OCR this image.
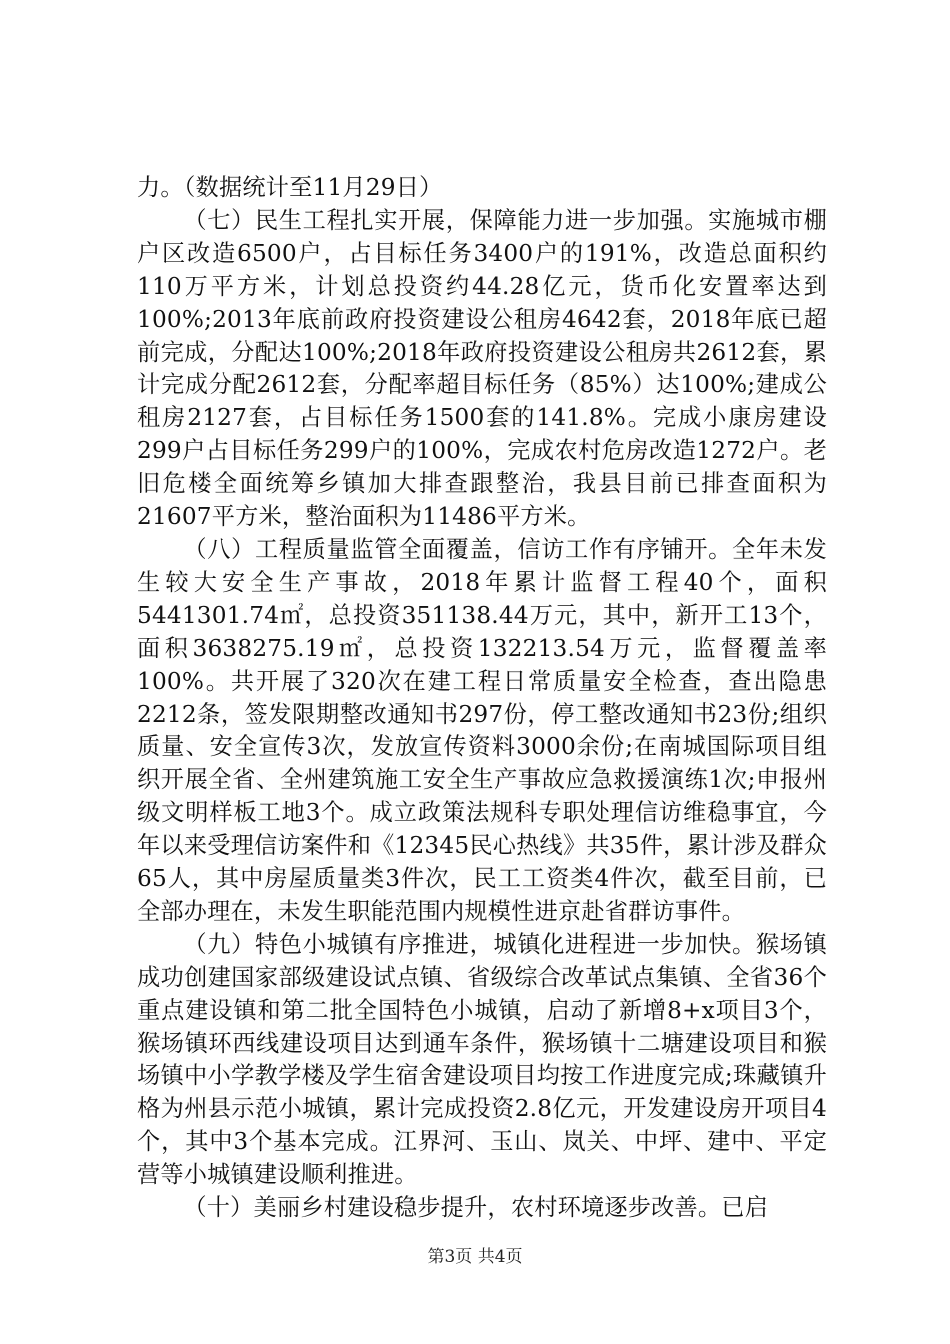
力。（数据统计至11月29日）

（七）民生工程扎实开展，保障能力进一步加强。实施城市棚户区改造6500户，占目标任务3400户的191%，改造总面积约110万平方米，计划总投资约44.28亿元，货币化安置率达到100%;2013年底前政府投资建设公租房4642套，2018年底已超前完成，分配达100%;2018年政府投资建设公租房共2612套，累计完成分配2612套，分配率超目标任务（85%）达100%;建成公租房2127套，占目标任务1500套的141.8%。完成小康房建设299户占目标任务299户的100%，完成农村危房改造1272户。老旧危楼全面统筹乡镇加大排查跟整治，我县目前已排查面积为21607平方米，整治面积为11486平方米。

（八）工程质量监管全面覆盖，信访工作有序铺开。全年未发生较大安全生产事故，2018年累计监督工程40个，面积5441301.74㎡，总投资351138.44万元，其中，新开工13个，面积3638275.19㎡，总投资132213.54万元，监督覆盖率100%。共开展了320次在建工程日常质量安全检查，查出隐患2212条，签发限期整改通知书297份，停工整改通知书23份;组织质量、安全宣传3次，发放宣传资料3000余份;在南城国际项目组织开展全省、全州建筑施工安全生产事故应急救援演练1次;申报州级文明样板工地3个。成立政策法规科专职处理信访维稳事宜，今年以来受理信访案件和《12345民心热线》共35件，累计涉及群众65人，其中房屋质量类3件次，民工工资类4件次，截至目前，已全部办理在，未发生职能范围内规模性进京赴省群访事件。

（九）特色小城镇有序推进，城镇化进程进一步加快。猴场镇成功创建国家部级建设试点镇、省级综合改革试点集镇、全省36个重点建设镇和第二批全国特色小城镇，启动了新增8+x项目3个，猴场镇环西线建设项目达到通车条件，猴场镇十二塘建设项目和猴场镇中小学教学楼及学生宿舍建设项目均按工作进度完成;珠藏镇升格为州县示范小城镇，累计完成投资2.8亿元，开发建设房开项目4个，其中3个基本完成。江界河、玉山、岚关、中坪、建中、平定营等小城镇建设顺利推进。

（十）美丽乡村建设稳步提升，农村环境逐步改善。已启

第3页 共4页
